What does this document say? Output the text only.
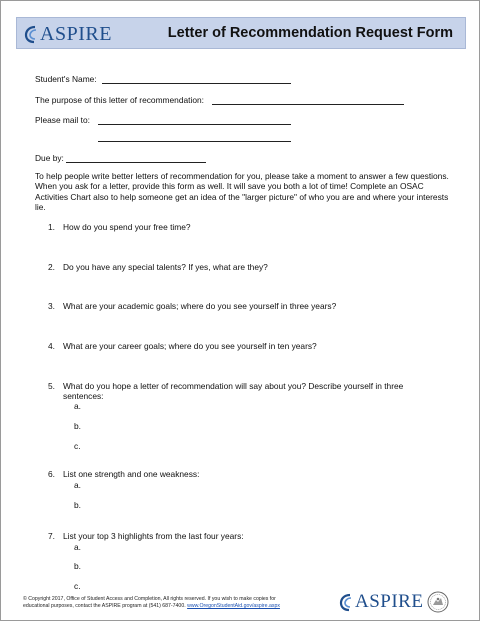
ASPIRE	Letter of Recommendation Request Form
Student's Name:
The purpose of this letter of recommendation:
Please mail to:
Due by:
To help people write better letters of recommendation for you, please take a moment to answer a few questions. When you ask for a letter, provide this form as well. It will save you both a lot of time! Complete an OSAC Activities Chart also to help someone get an idea of the "larger picture" of who you are and where your interests lie.
1. How do you spend your free time?
2. Do you have any special talents? If yes, what are they?
3. What are your academic goals; where do you see yourself in three years?
4. What are your career goals; where do you see yourself in ten years?
5. What do you hope a letter of recommendation will say about you? Describe yourself in three
sentences:
a.
b.
c.
6. List one strength and one weakness:
a.
b.
7. List your top 3 highlights from the last four years:
a.
b.
c.
© Copyright 2017, Office of Student Access and Completion, All rights reserved. If you wish to make copies for
educational purposes, contact the ASPIRE program at (541) 687-7400. www.OregonStudentAid.gov/aspire.aspx	ASPIRE
